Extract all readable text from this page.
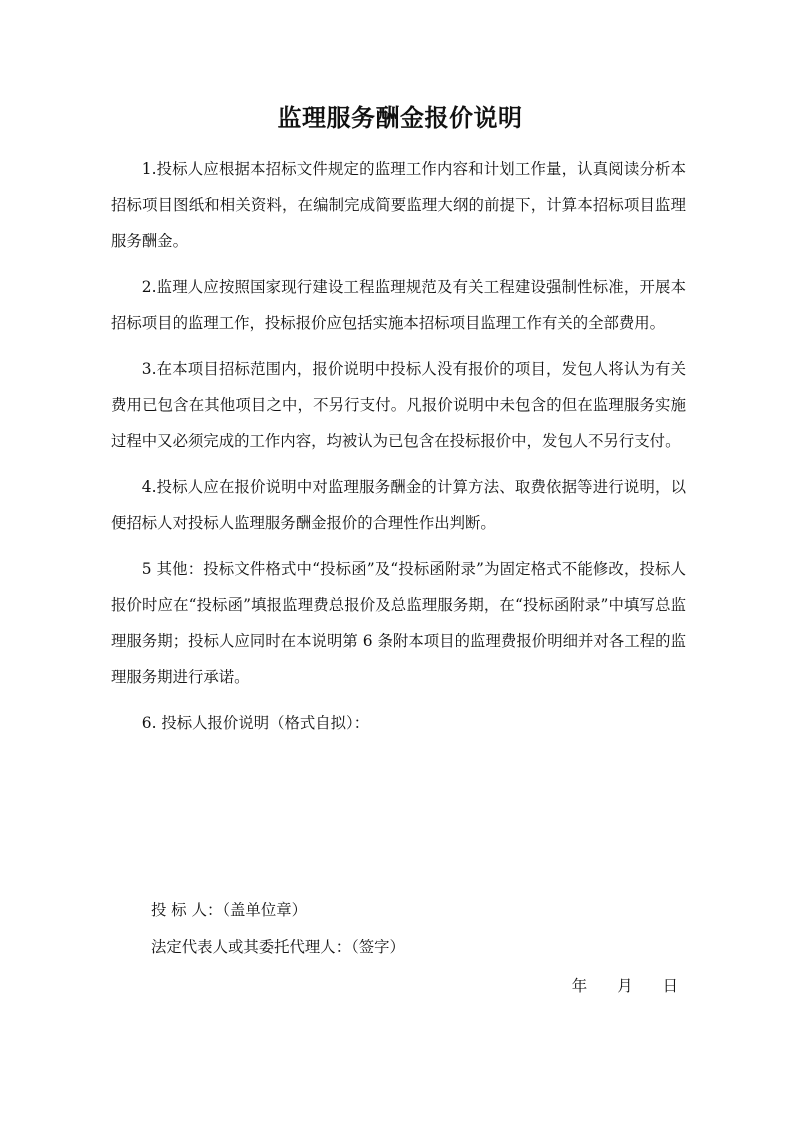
监理服务酬金报价说明

1.投标人应根据本招标文件规定的监理工作内容和计划工作量，认真阅读分析本招标项目图纸和相关资料，在编制完成简要监理大纲的前提下，计算本招标项目监理服务酬金。

2.监理人应按照国家现行建设工程监理规范及有关工程建设强制性标准，开展本招标项目的监理工作，投标报价应包括实施本招标项目监理工作有关的全部费用。

3.在本项目招标范围内，报价说明中投标人没有报价的项目，发包人将认为有关费用已包含在其他项目之中，不另行支付。凡报价说明中未包含的但在监理服务实施过程中又必须完成的工作内容，均被认为已包含在投标报价中，发包人不另行支付。

4.投标人应在报价说明中对监理服务酬金的计算方法、取费依据等进行说明，以便招标人对投标人监理服务酬金报价的合理性作出判断。

5 其他：投标文件格式中“投标函”及“投标函附录”为固定格式不能修改，投标人报价时应在“投标函”填报监理费总报价及总监理服务期，在“投标函附录”中填写总监理服务期；投标人应同时在本说明第 6 条附本项目的监理费报价明细并对各工程的监理服务期进行承诺。

6. 投标人报价说明（格式自拟）：

投 标 人：（盖单位章）
法定代表人或其委托代理人：（签字）
年 月 日
